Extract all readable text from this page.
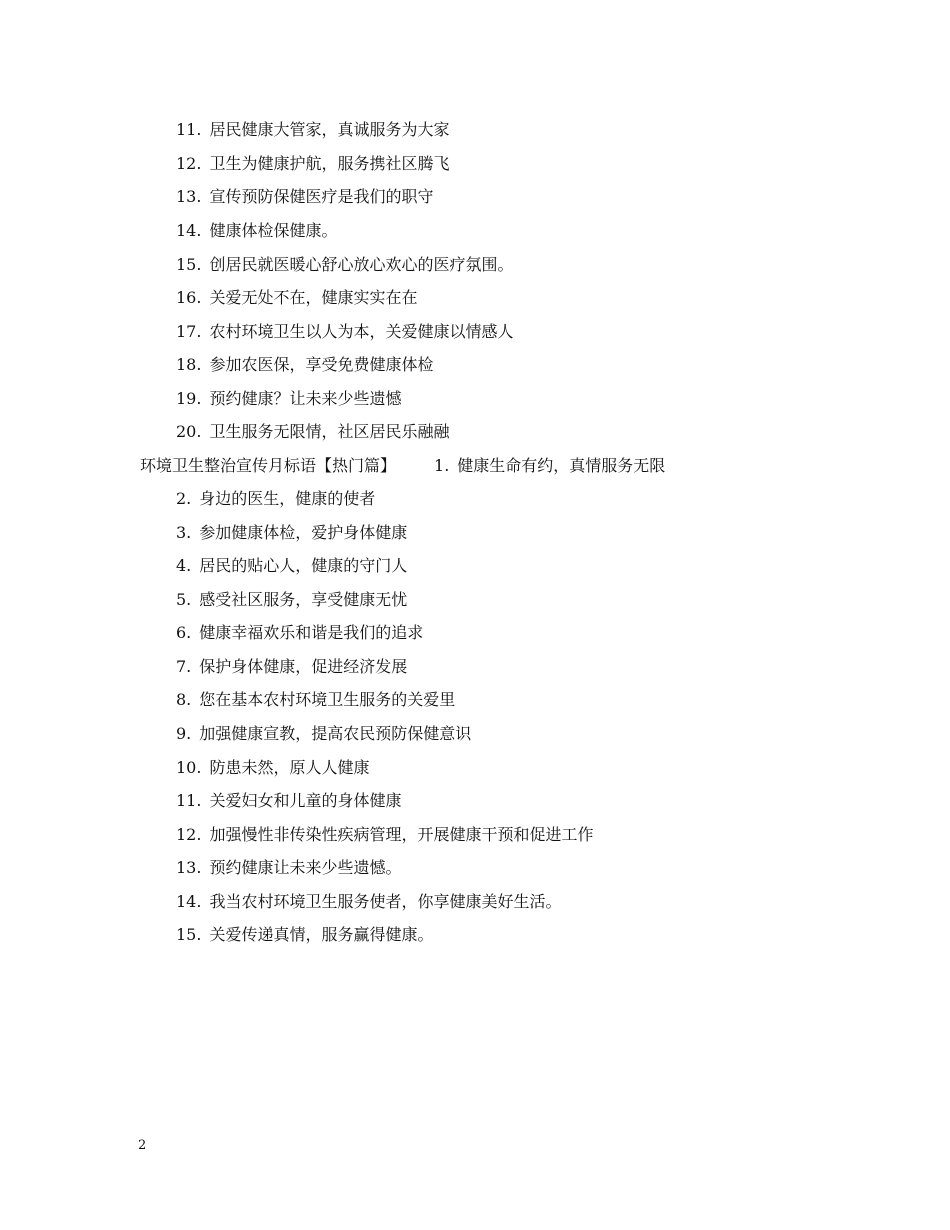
11. 居民健康大管家，真诚服务为大家
12. 卫生为健康护航，服务携社区腾飞
13. 宣传预防保健医疗是我们的职守
14. 健康体检保健康。
15. 创居民就医暖心舒心放心欢心的医疗氛围。
16. 关爱无处不在，健康实实在在
17. 农村环境卫生以人为本，关爱健康以情感人
18. 参加农医保，享受免费健康体检
19. 预约健康？让未来少些遗憾
20. 卫生服务无限情，社区居民乐融融
环境卫生整治宣传月标语【热门篇】 1. 健康生命有约，真情服务无限
2. 身边的医生，健康的使者
3. 参加健康体检，爱护身体健康
4. 居民的贴心人，健康的守门人
5. 感受社区服务，享受健康无忧
6. 健康幸福欢乐和谐是我们的追求
7. 保护身体健康，促进经济发展
8. 您在基本农村环境卫生服务的关爱里
9. 加强健康宣教，提高农民预防保健意识
10. 防患未然，原人人健康
11. 关爱妇女和儿童的身体健康
12. 加强慢性非传染性疾病管理，开展健康干预和促进工作
13. 预约健康让未来少些遗憾。
14. 我当农村环境卫生服务使者，你享健康美好生活。
15. 关爱传递真情，服务赢得健康。
2
